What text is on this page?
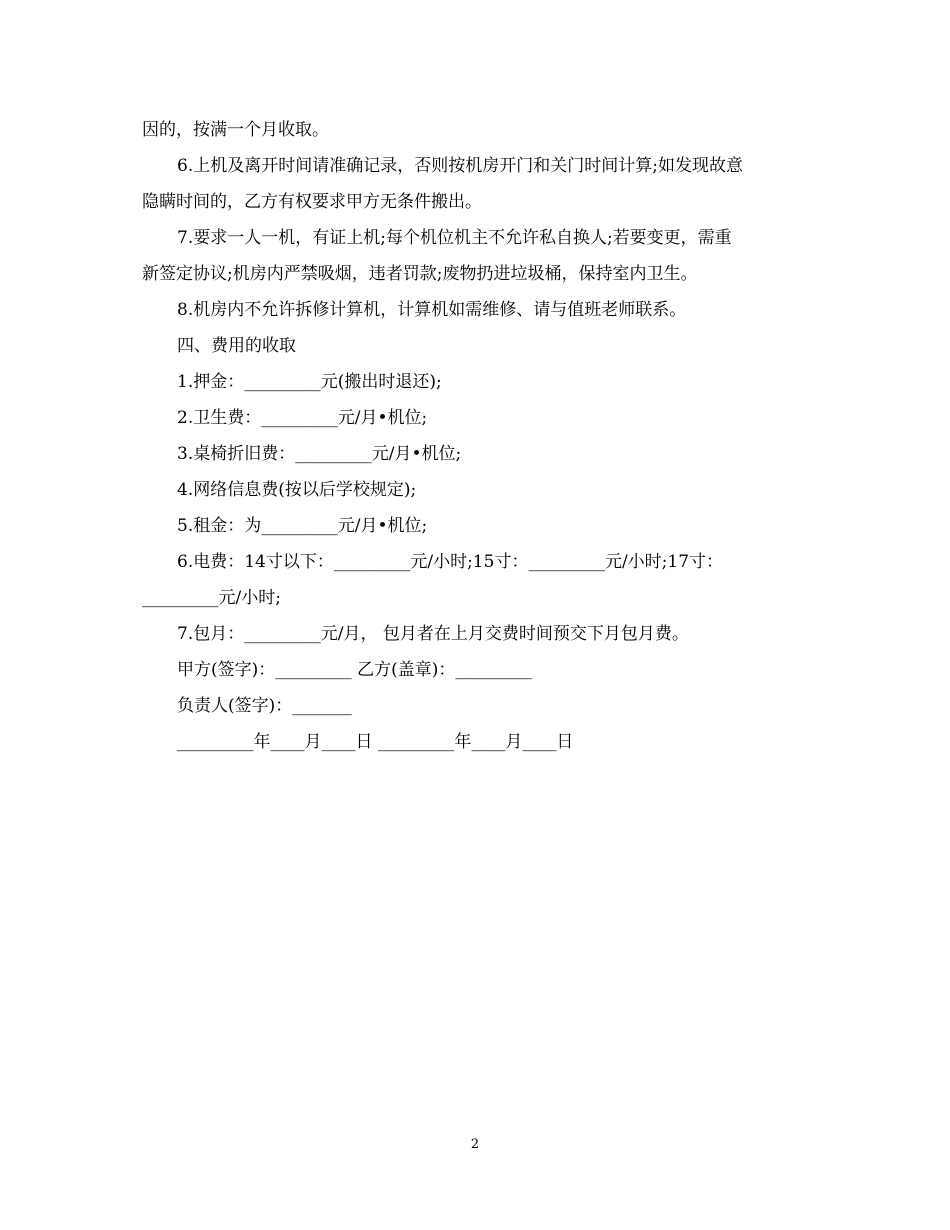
因的，按满一个月收取。

6.上机及离开时间请准确记录，否则按机房开门和关门时间计算;如发现故意

隐瞒时间的，乙方有权要求甲方无条件搬出。

7.要求一人一机，有证上机;每个机位机主不允许私自换人;若要变更，需重

新签定协议;机房内严禁吸烟，违者罚款;废物扔进垃圾桶，保持室内卫生。

8.机房内不允许拆修计算机，计算机如需维修、请与值班老师联系。

四、费用的收取

1.押金：_________元(搬出时退还);

2.卫生费：_________元/月•机位;

3.桌椅折旧费：_________元/月•机位;

4.网络信息费(按以后学校规定);

5.租金：为_________元/月•机位;

6.电费：14寸以下：_________元/小时;15寸：_________元/小时;17寸：

_________元/小时;

7.包月：_________元/月， 包月者在上月交费时间预交下月包月费。

甲方(签字)：_________ 乙方(盖章)：_________

负责人(签字)：_______

_________年____月____日 _________年____月____日

2
